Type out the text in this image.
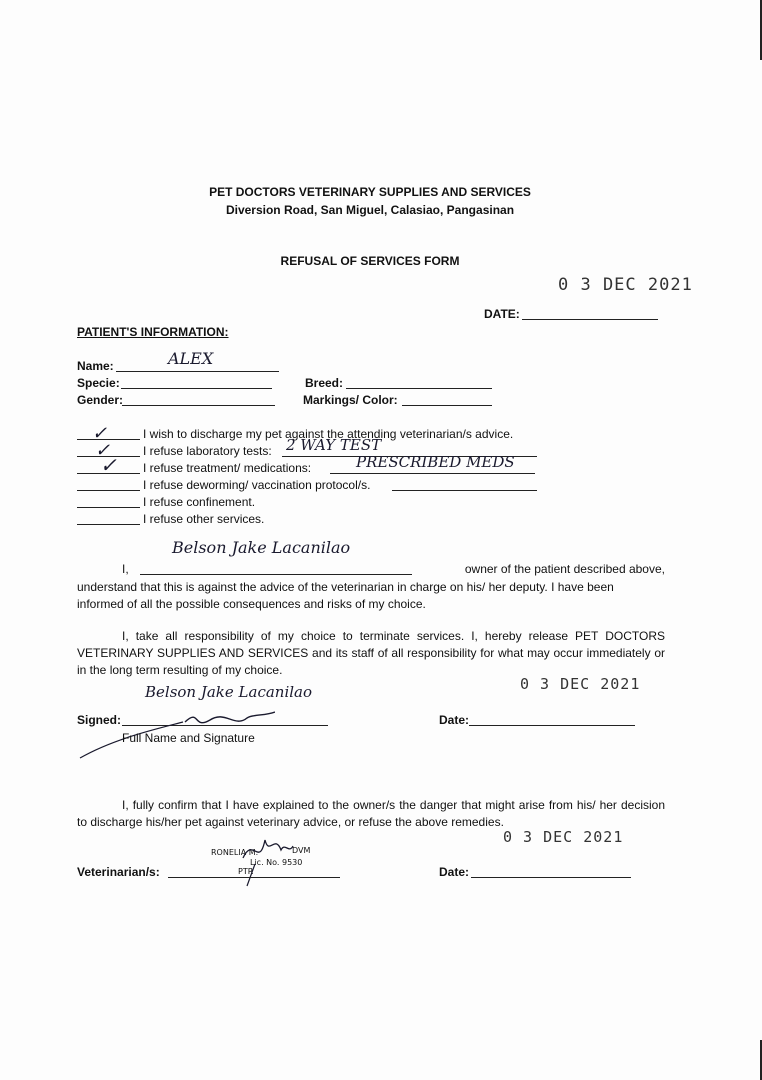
PET DOCTORS VETERINARY SUPPLIES AND SERVICES
Diversion Road, San Miguel, Calasiao, Pangasinan
REFUSAL OF SERVICES FORM
0 3 DEC 2021
DATE:
PATIENT'S INFORMATION:
Name:	ALEX
Specie:	Breed:
Gender:	Markings/ Color:
✓	I wish to discharge my pet against the attending veterinarian/s advice.
✓	I refuse laboratory tests: 2 WAY TEST
✓ I refuse treatment/ medications:	PRESCRIBED MEDS
I refuse deworming/ vaccination protocol/s.
I refuse confinement.
I refuse other services.
Belson Jake Lacanilao
I,	owner of the patient described above,
understand that this is against the advice of the veterinarian in charge on his/ her deputy. I have been
informed of all the possible consequences and risks of my choice.
I, take all responsibility of my choice to terminate services. I, hereby release PET DOCTORS VETERINARY SUPPLIES AND SERVICES and its staff of all responsibility for what may occur immediately or in the long term resulting of my choice.
Belson Jake Lacanilao	0 3 DEC 2021
Signed:
Full Name and Signature
Date:
I, fully confirm that I have explained to the owner/s the danger that might arise from his/ her decision to discharge his/her pet against veterinary advice, or refuse the above remedies.
0 3 DEC 2021
RONELIA M.	DVM
Lic. No. 9530
PTR
Veterinarian/s:	Date:
